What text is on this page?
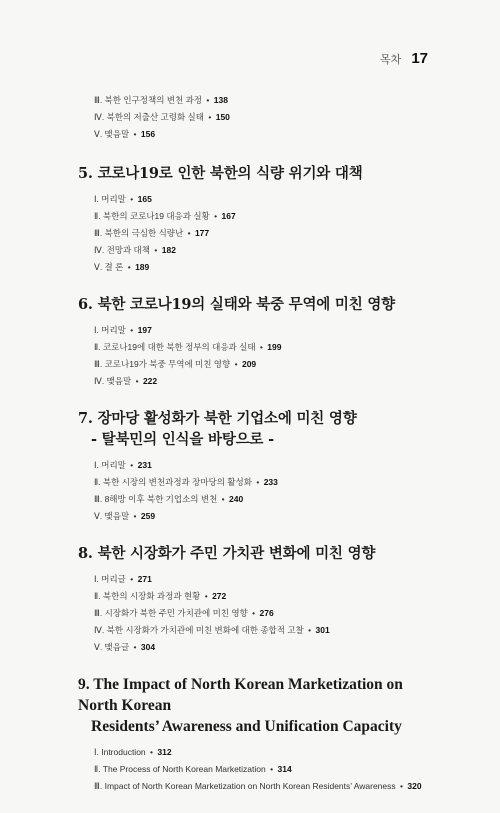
목차 17
Ⅲ. 북한 인구정책의 변천 과정 • 138
Ⅳ. 북한의 저출산 고령화 실태 • 150
Ⅴ. 맺음말 • 156
5. 코로나19로 인한 북한의 식량 위기와 대책
Ⅰ. 머리말 • 165
Ⅱ. 북한의 코로나19 대응과 실황 • 167
Ⅲ. 북한의 극심한 식량난 • 177
Ⅳ. 전망과 대책 • 182
Ⅴ. 결 론 • 189
6. 북한 코로나19의 실태와 북중 무역에 미친 영향
Ⅰ. 머리말 • 197
Ⅱ. 코로나19에 대한 북한 정부의 대응과 실태 • 199
Ⅲ. 코로나19가 북중 무역에 미친 영향 • 209
Ⅳ. 맺음말 • 222
7. 장마당 활성화가 북한 기업소에 미친 영향
- 탈북민의 인식을 바탕으로 -
Ⅰ. 머리말 • 231
Ⅱ. 북한 시장의 변천과정과 장마당의 활성화 • 233
Ⅲ. 8해방 이후 북한 기업소의 변천 • 240
Ⅴ. 맺음말 • 259
8. 북한 시장화가 주민 가치관 변화에 미친 영향
Ⅰ. 머리글 • 271
Ⅱ. 북한의 시장화 과정과 현황 • 272
Ⅲ. 시장화가 북한 주민 가치관에 미친 영향 • 276
Ⅳ. 북한 시장화가 가치관에 미친 변화에 대한 종합적 고찰 • 301
Ⅴ. 맺음글 • 304
9. The Impact of North Korean Marketization on North Korean
Residents’ Awareness and Unification Capacity
Ⅰ. Introduction • 312
Ⅱ. The Process of North Korean Marketization • 314
Ⅲ. Impact of North Korean Marketization on North Korean Residents’ Awareness • 320
